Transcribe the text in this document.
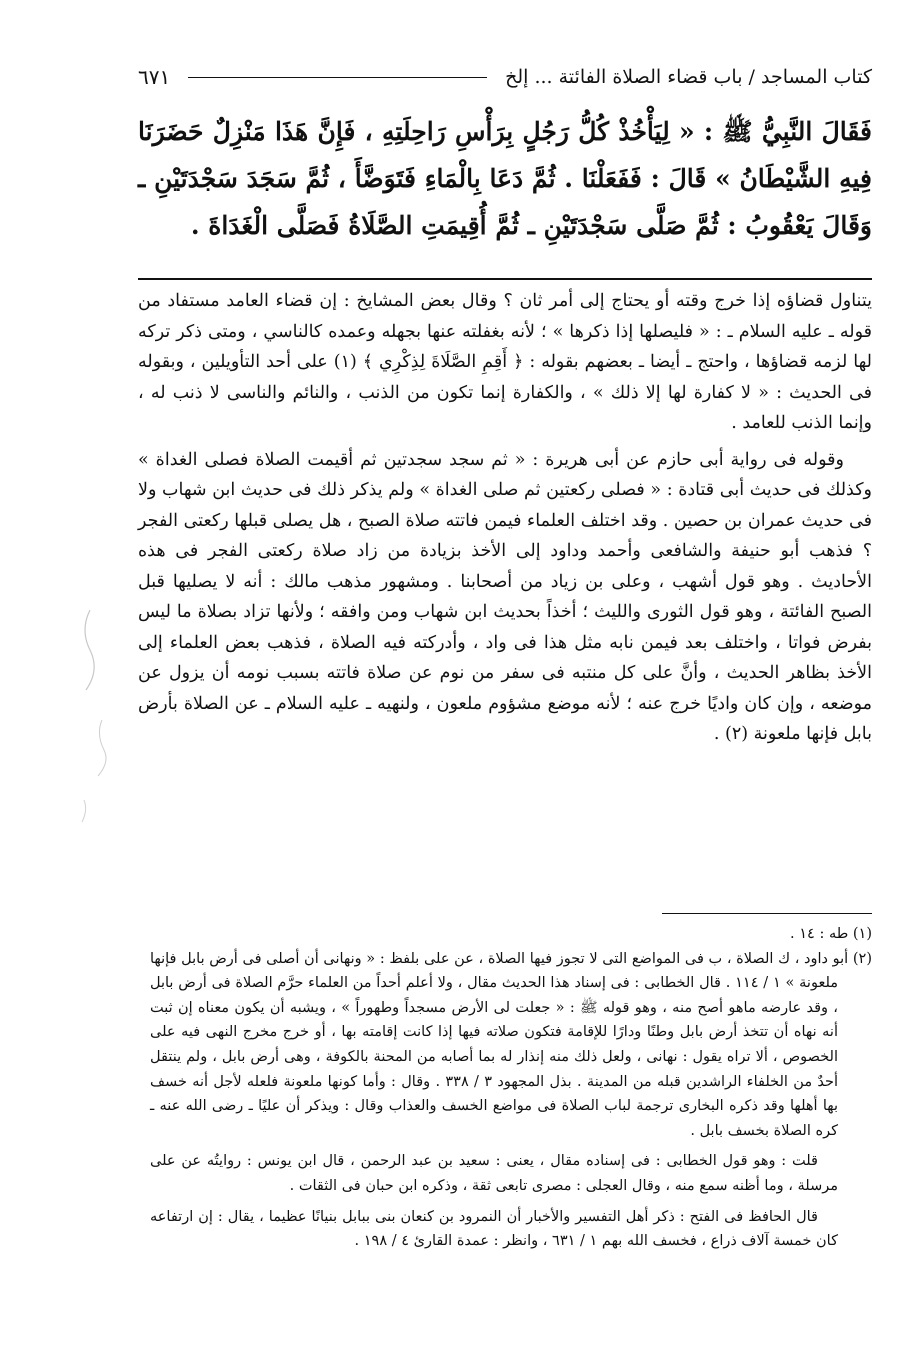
كتاب المساجد / باب قضاء الصلاة الفائتة ... إلخ
٦٧١
فَقَالَ النَّبِيُّ ﷺ : « لِيَأْخُذْ كُلُّ رَجُلٍ بِرَأْسِ رَاحِلَتِهِ ، فَإِنَّ هَذَا مَنْزِلٌ حَضَرَنَا فِيهِ الشَّيْطَانُ » قَالَ : فَفَعَلْنَا . ثُمَّ دَعَا بِالْمَاءِ فَتَوَضَّأَ ، ثُمَّ سَجَدَ سَجْدَتَيْنِ ـ وَقَالَ يَعْقُوبُ : ثُمَّ صَلَّى سَجْدَتَيْنِ ـ ثُمَّ أُقِيمَتِ الصَّلَاةُ فَصَلَّى الْغَدَاةَ .

يتناول قضاؤه إذا خرج وقته أو يحتاج إلى أمر ثان ؟ وقال بعض المشايخ : إن قضاء العامد مستفاد من قوله ـ عليه السلام ـ : « فليصلها إذا ذكرها » ؛ لأنه بغفلته عنها بجهله وعمده كالناسي ، ومتى ذكر تركه لها لزمه قضاؤها ، واحتج ـ أيضا ـ بعضهم بقوله : ﴿ أَقِمِ الصَّلَاةَ لِذِكْرِي ﴾ (١) على أحد التأويلين ، وبقوله فى الحديث : « لا كفارة لها إلا ذلك » ، والكفارة إنما تكون من الذنب ، والنائم والناسى لا ذنب له ، وإنما الذنب للعامد .

وقوله فى رواية أبى حازم عن أبى هريرة : « ثم سجد سجدتين ثم أقيمت الصلاة فصلى الغداة » وكذلك فى حديث أبى قتادة : « فصلى ركعتين ثم صلى الغداة » ولم يذكر ذلك فى حديث ابن شهاب ولا فى حديث عمران بن حصين . وقد اختلف العلماء فيمن فاتته صلاة الصبح ، هل يصلى قبلها ركعتى الفجر ؟ فذهب أبو حنيفة والشافعى وأحمد وداود إلى الأخذ بزيادة من زاد صلاة ركعتى الفجر فى هذه الأحاديث . وهو قول أشهب ، وعلى بن زياد من أصحابنا . ومشهور مذهب مالك : أنه لا يصليها قبل الصبح الفائتة ، وهو قول الثورى والليث ؛ أخذاً بحديث ابن شهاب ومن وافقه ؛ ولأنها تزاد بصلاة ما ليس بفرض فواتا ، واختلف بعد فيمن نابه مثل هذا فى واد ، وأدركته فيه الصلاة ، فذهب بعض العلماء إلى الأخذ بظاهر الحديث ، وأنَّ على كل منتبه فى سفر من نوم عن صلاة فاتته بسبب نومه أن يزول عن موضعه ، وإن كان واديًا خرج عنه ؛ لأنه موضع مشؤوم ملعون ، ولنهيه ـ عليه السلام ـ عن الصلاة بأرض بابل فإنها ملعونة (٢) .

(١) طه : ١٤ .

(٢) أبو داود ، ك الصلاة ، ب فى المواضع التى لا تجوز فيها الصلاة ، عن على بلفظ : « ونهانى أن أصلى فى أرض بابل فإنها ملعونة » ١ / ١١٤ . قال الخطابى : فى إسناد هذا الحديث مقال ، ولا أعلم أحداً من العلماء حرَّم الصلاة فى أرض بابل ، وقد عارضه ماهو أصح منه ، وهو قوله ﷺ : « جعلت لى الأرض مسجداً وطهوراً » ، ويشبه أن يكون معناه إن ثبت أنه نهاه أن تتخذ أرض بابل وطنًا ودارًا للإقامة فتكون صلاته فيها إذا كانت إقامته بها ، أو خرج مخرج النهى فيه على الخصوص ، ألا تراه يقول : نهانى ، ولعل ذلك منه إنذار له بما أصابه من المحنة بالكوفة ، وهى أرض بابل ، ولم ينتقل أحدٌ من الخلفاء الراشدين قبله من المدينة . بذل المجهود ٣ / ٣٣٨ . وقال : وأما كونها ملعونة فلعله لأجل أنه خسف بها أهلها وقد ذكره البخارى ترجمة لباب الصلاة فى مواضع الخسف والعذاب وقال : ويذكر أن عليًا ـ رضى الله عنه ـ كره الصلاة بخسف بابل .

قلت : وهو قول الخطابى : فى إسناده مقال ، يعنى : سعيد بن عبد الرحمن ، قال ابن يونس : روايتُه عن على مرسلة ، وما أظنه سمع منه ، وقال العجلى : مصرى تابعى ثقة ، وذكره ابن حبان فى الثقات .

قال الحافظ فى الفتح : ذكر أهل التفسير والأخبار أن النمرود بن كنعان بنى ببابل بنيانًا عظيما ، يقال : إن ارتفاعه كان خمسة آلاف ذراع ، فخسف الله بهم ١ / ٦٣١ ، وانظر : عمدة القارئ ٤ / ١٩٨ .
